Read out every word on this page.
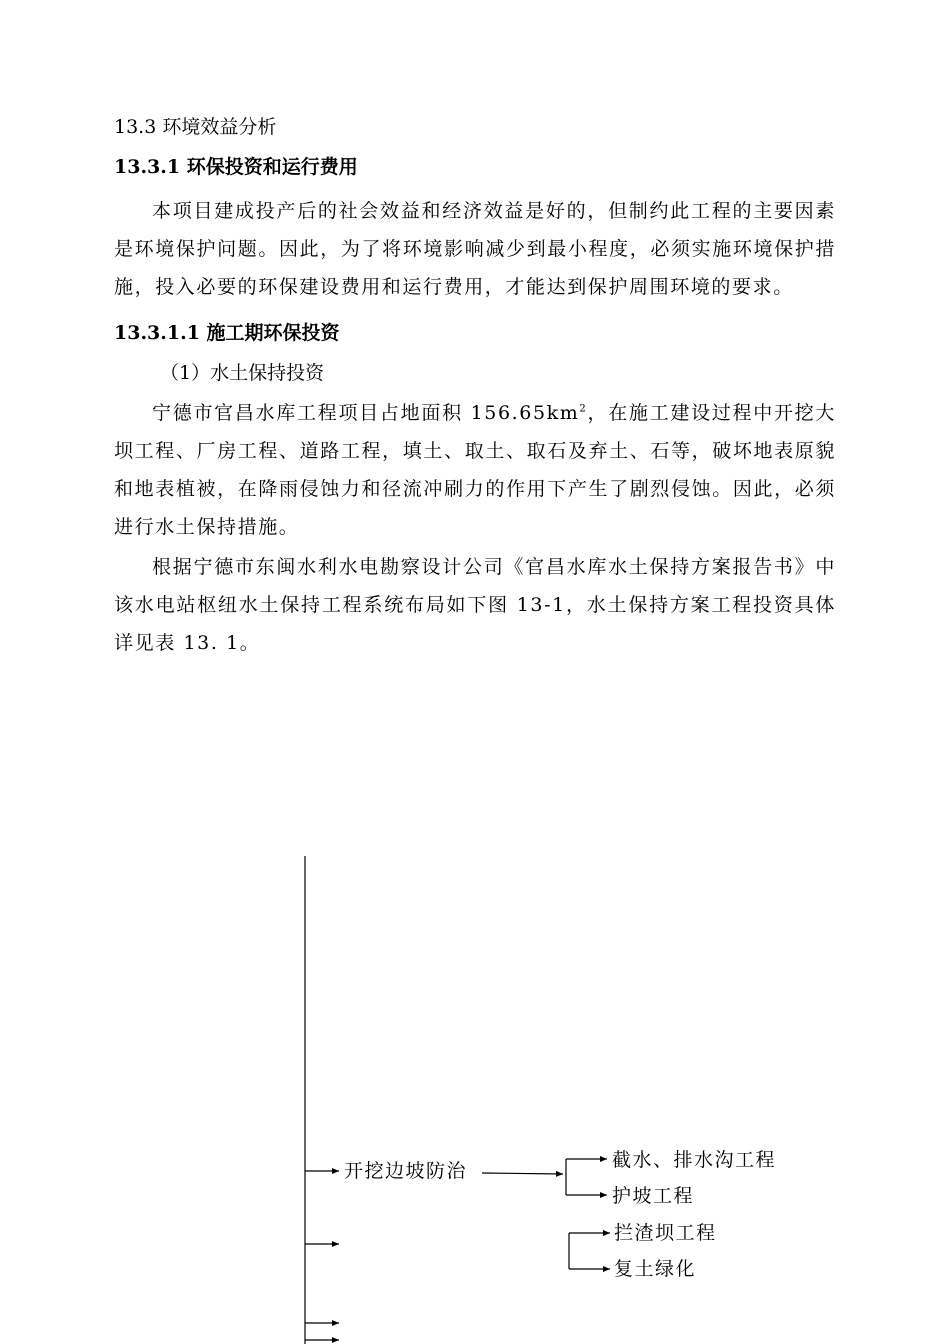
13.3 环境效益分析
13.3.1 环保投资和运行费用

本项目建成投产后的社会效益和经济效益是好的，但制约此工程的主要因素是环境保护问题。因此，为了将环境影响减少到最小程度，必须实施环境保护措施，投入必要的环保建设费用和运行费用，才能达到保护周围环境的要求。

13.3.1.1 施工期环保投资
（1）水土保持投资

宁德市官昌水库工程项目占地面积 $156.65km^2$，在施工建设过程中开挖大坝工程、厂房工程、道路工程，填土、取土、取石及弃土、石等，破坏地表原貌和地表植被，在降雨侵蚀力和径流冲刷力的作用下产生了剧烈侵蚀。因此，必须进行水土保持措施。

根据宁德市东闽水利水电勘察设计公司《官昌水库水土保持方案报告书》中该水电站枢纽水土保持工程系统布局如下图 13-1，水土保持方案工程投资具体详见表 13. 1。

开挖边坡防治	截水、排水沟工程
护坡工程
拦渣坝工程
复土绿化
